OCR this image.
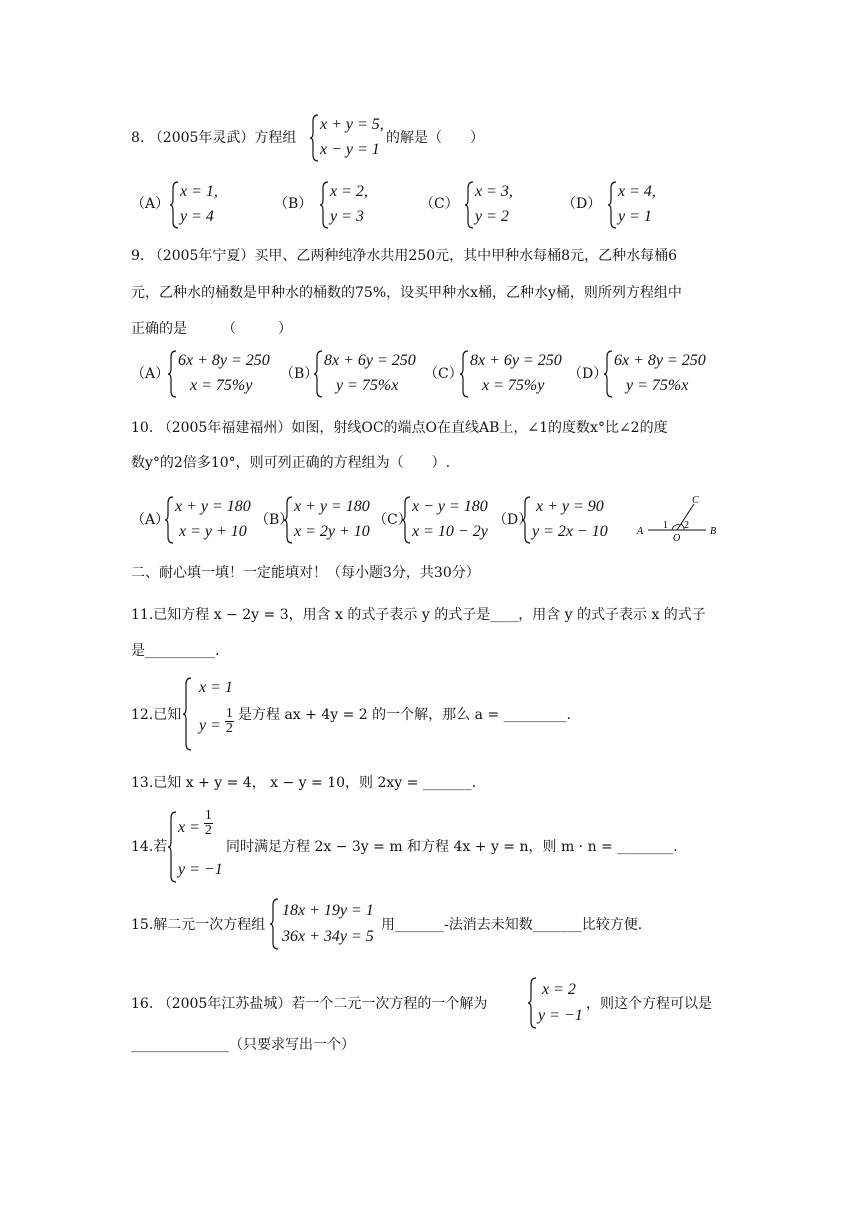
8. （2005年灵武）方程组
x + y = 5,
x − y = 1
的解是（　　）
（A）
x = 1,
y = 4
（B）
x = 2,
y = 3
（C）
x = 3,
y = 2
（D）
x = 4,
y = 1
9. （2005年宁夏）买甲、乙两种纯净水共用250元，其中甲种水每桶8元，乙种水每桶6
元，乙种水的桶数是甲种水的桶数的75%，设买甲种水x桶，乙种水y桶，则所列方程组中
正确的是　　　（　　　）
（A）
6x + 8y = 250
x = 75%y
（B）
8x + 6y = 250
y = 75%x
（C）
8x + 6y = 250
x = 75%y
（D）
6x + 8y = 250
y = 75%x
10. （2005年福建福州）如图，射线OC的端点O在直线AB上，∠1的度数x°比∠2的度
数y°的2倍多10°，则可列正确的方程组为（　　）.
（A）
x + y = 180
x = y + 10
（B）
x + y = 180
x = 2y + 10
（C）
x − y = 180
x = 10 − 2y
（D）
x + y = 90
y = 2x − 10	A	B
C
O
1 2
二、耐心填一填！一定能填对！（每小题3分，共30分）
11.已知方程 x − 2y = 3，用含 x 的式子表示 y 的式子是____，用含 y 的式子表示 x 的式子
是__________.
12.已知
x = 1
$y = \frac{1}{2}$ 是方程 ax + 4y = 2 的一个解，那么 a = _________.
13.已知 x + y = 4， x − y = 10，则 2xy = _______.
14.若
$x = \frac{1}{2}$
y = −1
同时满足方程 2x − 3y = m 和方程 4x + y = n，则 m · n = ________.
15.解二元一次方程组
18x + 19y = 1
36x + 34y = 5
用_______-法消去未知数_______比较方便.
16. （2005年江苏盐城）若一个二元一次方程的一个解为
x = 2
y = −1
，则这个方程可以是
______________（只要求写出一个）
